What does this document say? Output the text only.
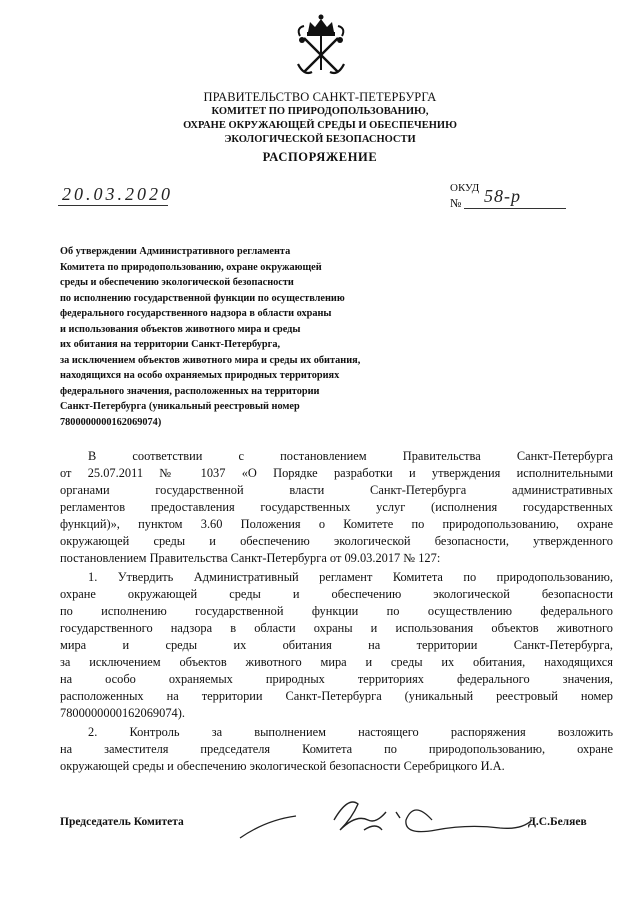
ПРАВИТЕЛЬСТВО САНКТ-ПЕТЕРБУРГА
КОМИТЕТ ПО ПРИРОДОПОЛЬЗОВАНИЮ,
ОХРАНЕ ОКРУЖАЮЩЕЙ СРЕДЫ И ОБЕСПЕЧЕНИЮ
ЭКОЛОГИЧЕСКОЙ БЕЗОПАСНОСТИ
РАСПОРЯЖЕНИЕ
20.03.2020	ОКУД
№ 58-р
Об утверждении Административного регламента
Комитета по природопользованию, охране окружающей
среды и обеспечению экологической безопасности
по исполнению государственной функции по осуществлению
федерального государственного надзора в области охраны
и использования объектов животного мира и среды
их обитания на территории Санкт-Петербурга,
за исключением объектов животного мира и среды их обитания,
находящихся на особо охраняемых природных территориях
федерального значения, расположенных на территории
Санкт-Петербурга (уникальный реестровый номер
7800000000162069074)
В соответствии с постановлением Правительства Санкт-Петербурга
от 25.07.2011 № 1037 «О Порядке разработки и утверждения исполнительными
органами государственной власти Санкт-Петербурга административных
регламентов предоставления государственных услуг (исполнения государственных
функций)», пунктом 3.60 Положения о Комитете по природопользованию, охране
окружающей среды и обеспечению экологической безопасности, утвержденного
постановлением Правительства Санкт-Петербурга от 09.03.2017 № 127:
1. Утвердить Административный регламент Комитета по природопользованию,
охране окружающей среды и обеспечению экологической безопасности
по исполнению государственной функции по осуществлению федерального
государственного надзора в области охраны и использования объектов животного
мира и среды их обитания на территории Санкт-Петербурга,
за исключением объектов животного мира и среды их обитания, находящихся
на особо охраняемых природных территориях федерального значения,
расположенных на территории Санкт-Петербурга (уникальный реестровый номер
7800000000162069074).
2. Контроль за выполнением настоящего распоряжения возложить
на заместителя председателя Комитета по природопользованию, охране
окружающей среды и обеспечению экологической безопасности Серебрицкого И.А.
Председатель Комитета	Д.С.Беляев
